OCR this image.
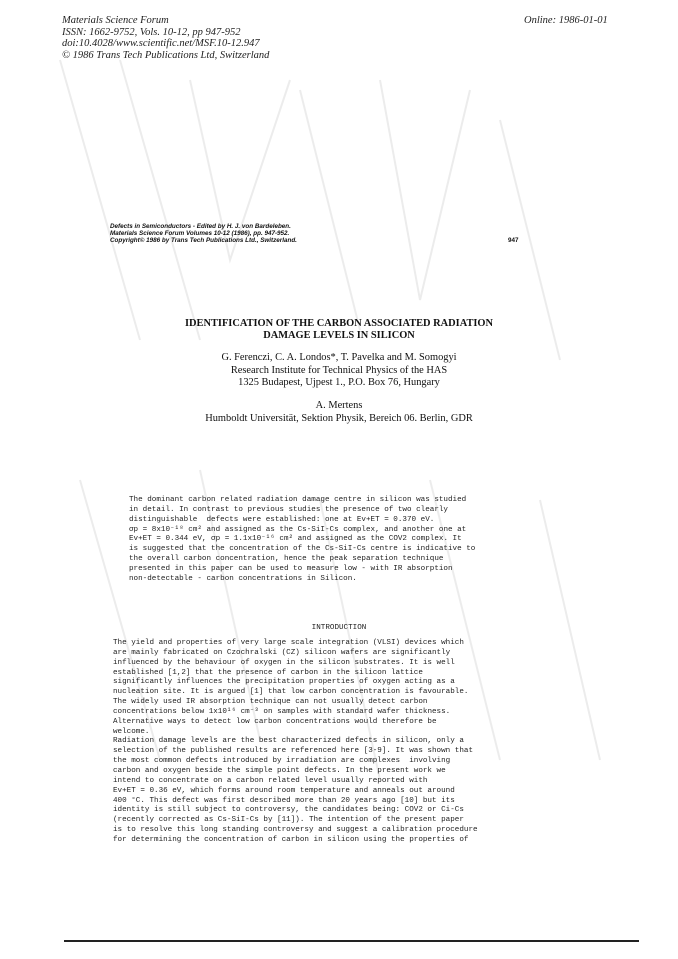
Materials Science Forum
ISSN: 1662-9752, Vols. 10-12, pp 947-952
doi:10.4028/www.scientific.net/MSF.10-12.947
© 1986 Trans Tech Publications Ltd, Switzerland
Online: 1986-01-01
Defects in Semiconductors - Edited by H. J. von Bardeleben.
Materials Science Forum Volumes 10-12 (1986), pp. 947-952.
Copyright© 1986 by Trans Tech Publications Ltd., Switzerland.	947
IDENTIFICATION OF THE CARBON ASSOCIATED RADIATION
DAMAGE LEVELS IN SILICON
G. Ferenczi, C. A. Londos*, T. Pavelka and M. Somogyi
Research Institute for Technical Physics of the HAS
1325 Budapest, Ujpest 1., P.O. Box 76, Hungary
A. Mertens
Humboldt Universität, Sektion Physik, Bereich 06. Berlin, GDR
The dominant carbon related radiation damage centre in silicon was studied
in detail. In contrast to previous studies the presence of two clearly
distinguishable  defects were established: one at Ev+ET = 0.370 eV.
σp = 8x10⁻¹⁸ cm² and assigned as the Cs-SiI-Cs complex, and another one at
Ev+ET = 0.344 eV, σp = 1.1x10⁻¹⁶ cm² and assigned as the COV2 complex. It
is suggested that the concentration of the Cs-SiI-Cs centre is indicative to
the overall carbon concentration, hence the peak separation technique
presented in this paper can be used to measure low - with IR absorption
non-detectable - carbon concentrations in Silicon.
INTRODUCTION
The yield and properties of very large scale integration (VLSI) devices which
are mainly fabricated on Czochralski (CZ) silicon wafers are significantly
influenced by the behaviour of oxygen in the silicon substrates. It is well
established [1,2] that the presence of carbon in the silicon lattice
significantly influences the precipitation properties of oxygen acting as a
nucleation site. It is argued [1] that low carbon concentration is favourable.
The widely used IR absorption technique can not usually detect carbon
concentrations below 1x10¹⁶ cm⁻³ on samples with standard wafer thickness.
Alternative ways to detect low carbon concentrations would therefore be
welcome.
Radiation damage levels are the best characterized defects in silicon, only a
selection of the published results are referenced here [3-9]. It was shown that
the most common defects introduced by irradiation are complexes  involving
carbon and oxygen beside the simple point defects. In the present work we
intend to concentrate on a carbon related level usually reported with
Ev+ET = 0.36 eV, which forms around room temperature and anneals out around
400 °C. This defect was first described more than 20 years ago [10] but its
identity is still subject to controversy, the candidates being: COV2 or Ci-Cs
(recently corrected as Cs-SiI-Cs by [11]). The intention of the present paper
is to resolve this long standing controversy and suggest a calibration procedure
for determining the concentration of carbon in silicon using the properties of
